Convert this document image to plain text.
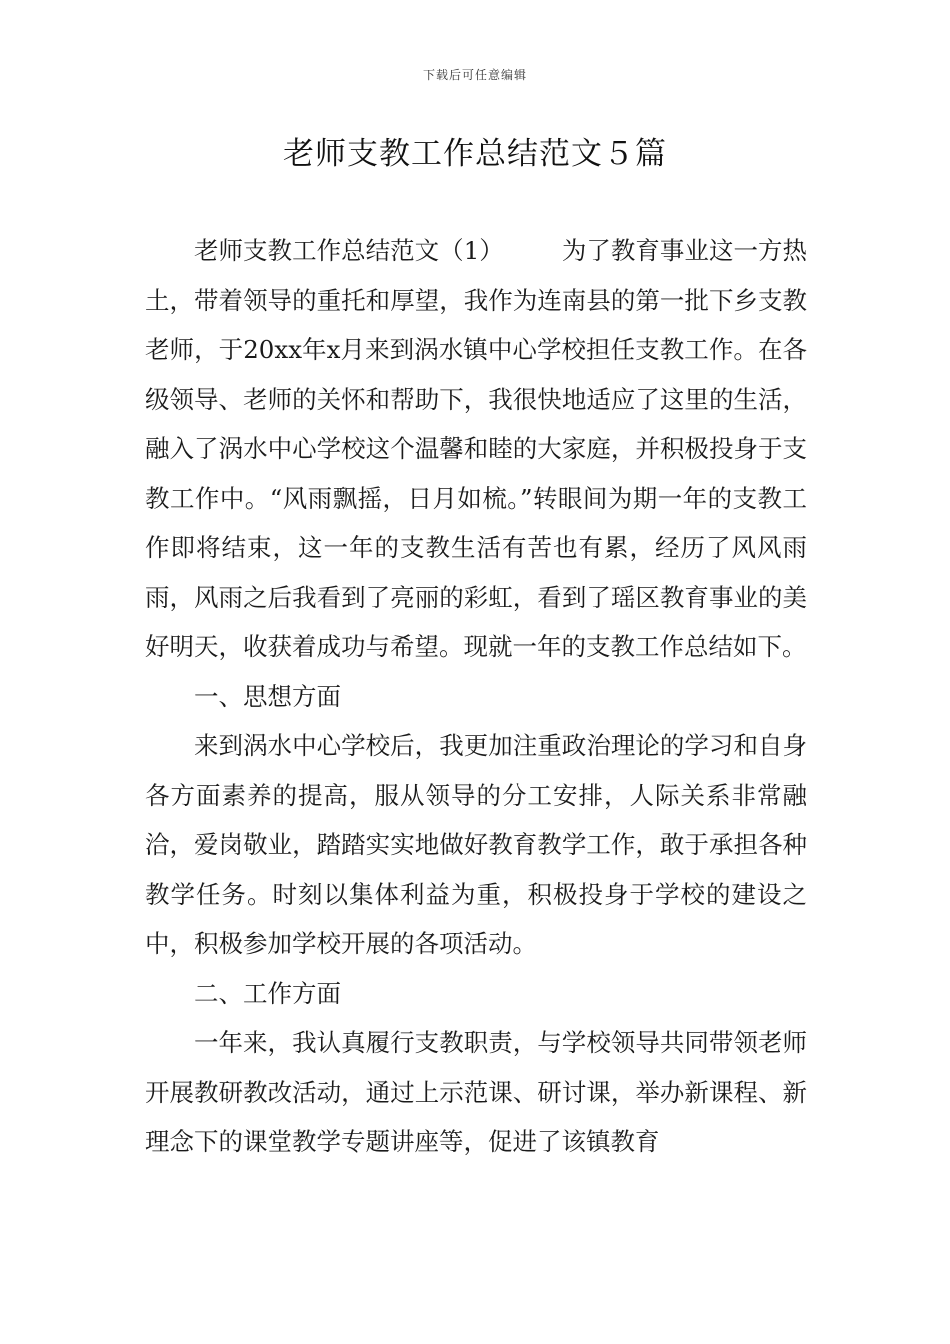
下载后可任意编辑
老师支教工作总结范文５篇

老师支教工作总结范文（1） 为了教育事业这一方热土，带着领导的重托和厚望，我作为连南县的第一批下乡支教老师，于20xx年x月来到涡水镇中心学校担任支教工作。在各级领导、老师的关怀和帮助下，我很快地适应了这里的生活，融入了涡水中心学校这个温馨和睦的大家庭，并积极投身于支教工作中。“风雨飘摇，日月如梳。”转眼间为期一年的支教工作即将结束，这一年的支教生活有苦也有累，经历了风风雨雨，风雨之后我看到了亮丽的彩虹，看到了瑶区教育事业的美好明天，收获着成功与希望。现就一年的支教工作总结如下。

一、思想方面

来到涡水中心学校后，我更加注重政治理论的学习和自身各方面素养的提高，服从领导的分工安排，人际关系非常融洽，爱岗敬业，踏踏实实地做好教育教学工作，敢于承担各种教学任务。时刻以集体利益为重，积极投身于学校的建设之中，积极参加学校开展的各项活动。

二、工作方面

一年来，我认真履行支教职责，与学校领导共同带领老师开展教研教改活动，通过上示范课、研讨课，举办新课程、新理念下的课堂教学专题讲座等，促进了该镇教育
